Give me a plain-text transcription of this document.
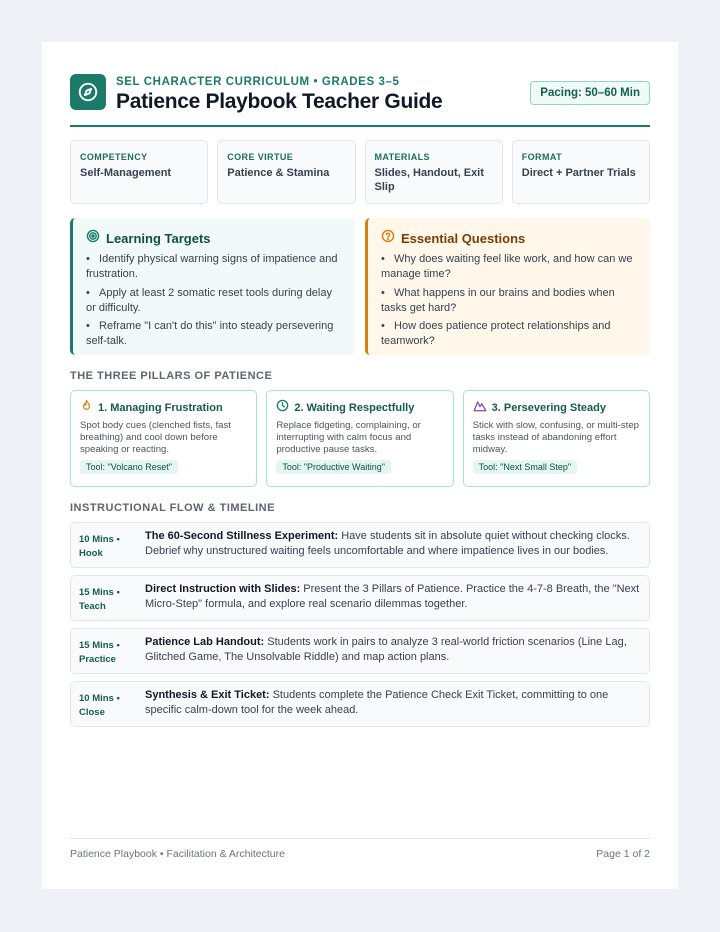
SEL CHARACTER CURRICULUM • GRADES 3–5
Patience Playbook Teacher Guide	Pacing: 50–60 Min
COMPETENCY
Self-Management
CORE VIRTUE
Patience & Stamina
MATERIALS
Slides, Handout, Exit Slip
FORMAT
Direct + Partner Trials
Learning Targets
•   Identify physical warning signs of impatience and frustration.
•   Apply at least 2 somatic reset tools during delay or difficulty.
•   Reframe "I can't do this" into steady persevering self-talk.
Essential Questions
•   Why does waiting feel like work, and how can we manage time?
•   What happens in our brains and bodies when tasks get hard?
•   How does patience protect relationships and teamwork?
THE THREE PILLARS OF PATIENCE
1. Managing Frustration
Spot body cues (clenched fists, fast breathing) and cool down before speaking or reacting.
Tool: "Volcano Reset"
2. Waiting Respectfully
Replace fidgeting, complaining, or interrupting with calm focus and productive pause tasks.
Tool: "Productive Waiting"
3. Persevering Steady
Stick with slow, confusing, or multi-step tasks instead of abandoning effort midway.
Tool: "Next Small Step"
INSTRUCTIONAL FLOW & TIMELINE
10 Mins •
Hook
The 60-Second Stillness Experiment: Have students sit in absolute quiet without checking clocks. Debrief why unstructured waiting feels uncomfortable and where impatience lives in our bodies.
15 Mins •
Teach
Direct Instruction with Slides: Present the 3 Pillars of Patience. Practice the 4-7-8 Breath, the "Next Micro-Step" formula, and explore real scenario dilemmas together.
15 Mins •
Practice
Patience Lab Handout: Students work in pairs to analyze 3 real-world friction scenarios (Line Lag, Glitched Game, The Unsolvable Riddle) and map action plans.
10 Mins •
Close
Synthesis & Exit Ticket: Students complete the Patience Check Exit Ticket, committing to one specific calm-down tool for the week ahead.
Patience Playbook • Facilitation & Architecture	Page 1 of 2
